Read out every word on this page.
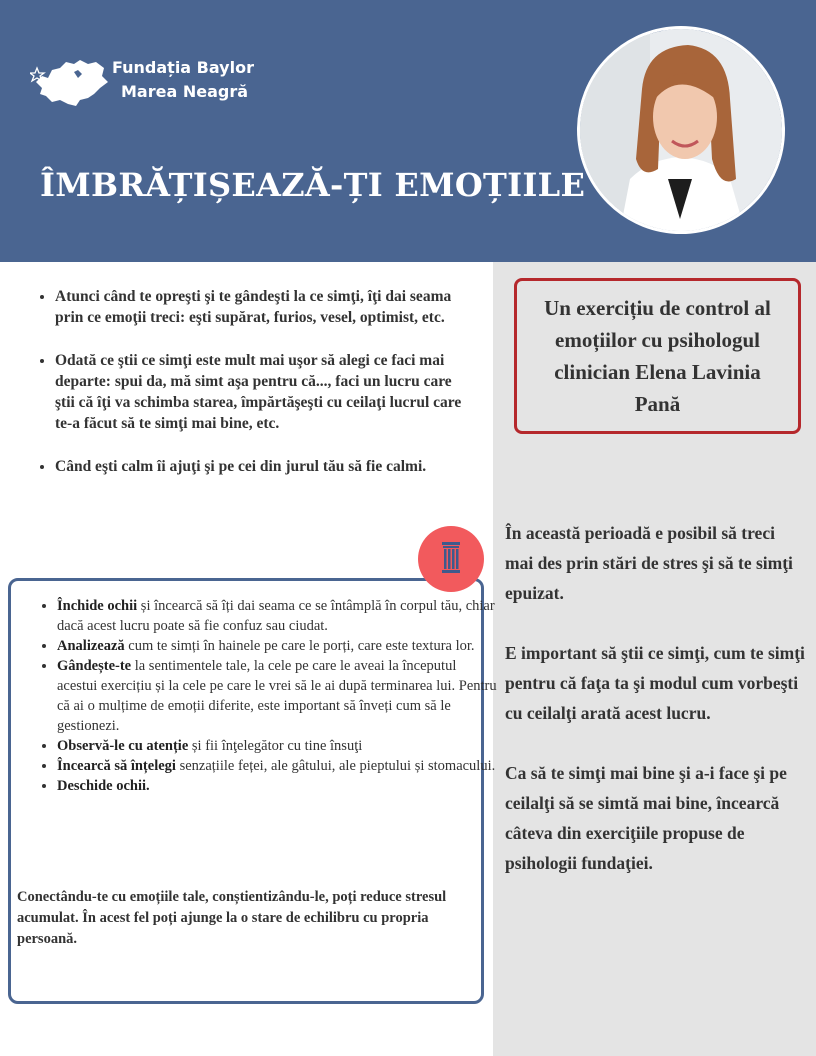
Fundația Baylor
Marea Neagră
ÎMBRĂȚIȘEAZĂ-ȚI EMOȚIILE
Un exercițiu de control al emoțiilor cu psihologul clinician Elena Lavinia Pană

În această perioadă e posibil să treci mai des prin stări de stres şi să te simţi epuizat.

E important să ştii ce simţi, cum te simţi pentru că faţa ta şi modul cum vorbeşti cu ceilalţi arată acest lucru.

Ca să te simţi mai bine şi a-i face şi pe ceilalţi să se simtă mai bine, încearcă câteva din exerciţiile propuse de psihologii fundaţiei.

• Atunci când te opreşti şi te gândeşti la ce simţi, îţi dai seama prin ce emoţii treci: eşti supărat, furios, vesel, optimist, etc.
• Odată ce ştii ce simţi este mult mai uşor să alegi ce faci mai departe: spui da, mă simt aşa pentru că..., faci un lucru care ştii că îţi va schimba starea, împărtăşeşti cu ceilaţi lucrul care te-a făcut să te simţi mai bine, etc.
• Când eşti calm îi ajuţi şi pe cei din jurul tău să fie calmi.
• Închide ochii și încearcă să îți dai seama ce se întâmplă în corpul tău, chiar dacă acest lucru poate să fie confuz sau ciudat.
• Analizează cum te simți în hainele pe care le porți, care este textura lor.
• Gândește-te la sentimentele tale, la cele pe care le aveai la începutul acestui exercițiu și la cele pe care le vrei să le ai după terminarea lui. Pentru că ai o mulțime de emoții diferite, este important să înveți cum să le gestionezi.
• Observă-le cu atenție și fii înţelegător cu tine însuţi
• Încearcă să înțelegi senzațiile feței, ale gâtului, ale pieptului și stomacului.
• Deschide ochii.
Conectându-te cu emoțiile tale, conștientizându-le, poți reduce stresul acumulat. În acest fel poți ajunge la o stare de echilibru cu propria persoană.
